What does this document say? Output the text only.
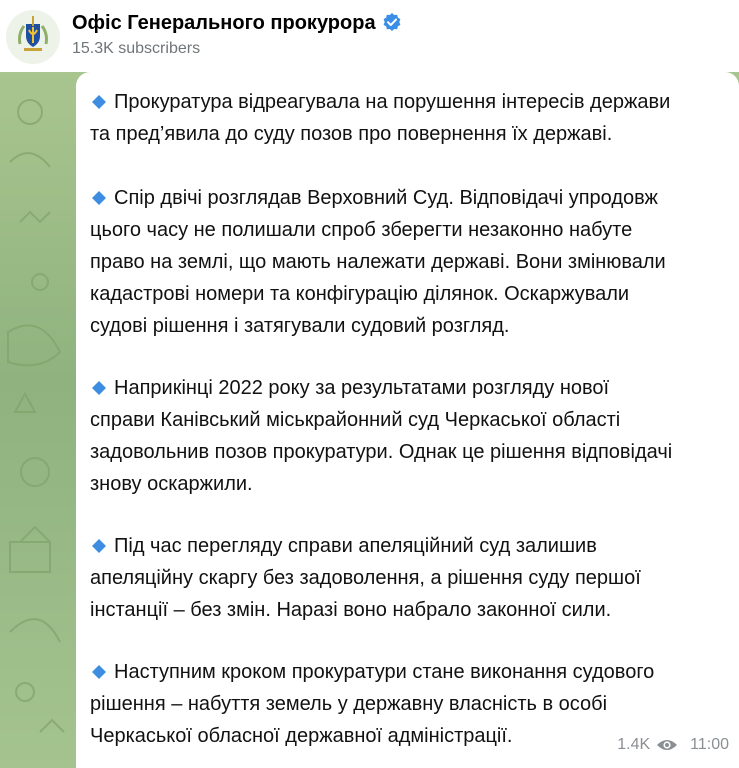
Офіс Генерального прокурора
15.3K subscribers

Прокуратура відреагувала на порушення інтересів держави
та пред’явила до суду позов про повернення їх державі.

Спір двічі розглядав Верховний Суд. Відповідачі упродовж
цього часу не полишали спроб зберегти незаконно набуте
право на землі, що мають належати державі. Вони змінювали
кадастрові номери та конфігурацію ділянок. Оскаржували
судові рішення і затягували судовий розгляд.

Наприкінці 2022 року за результатами розгляду нової
справи Канівський міськрайонний суд Черкаської області
задовольнив позов прокуратури. Однак це рішення відповідачі
знову оскаржили.

Під час перегляду справи апеляційний суд залишив
апеляційну скаргу без задоволення, а рішення суду першої
інстанції – без змін. Наразі воно набрало законної сили.

Наступним кроком прокуратури стане виконання судового
рішення – набуття земель у державну власність в особі
Черкаської обласної державної адміністрації.	1.4K	11:00
